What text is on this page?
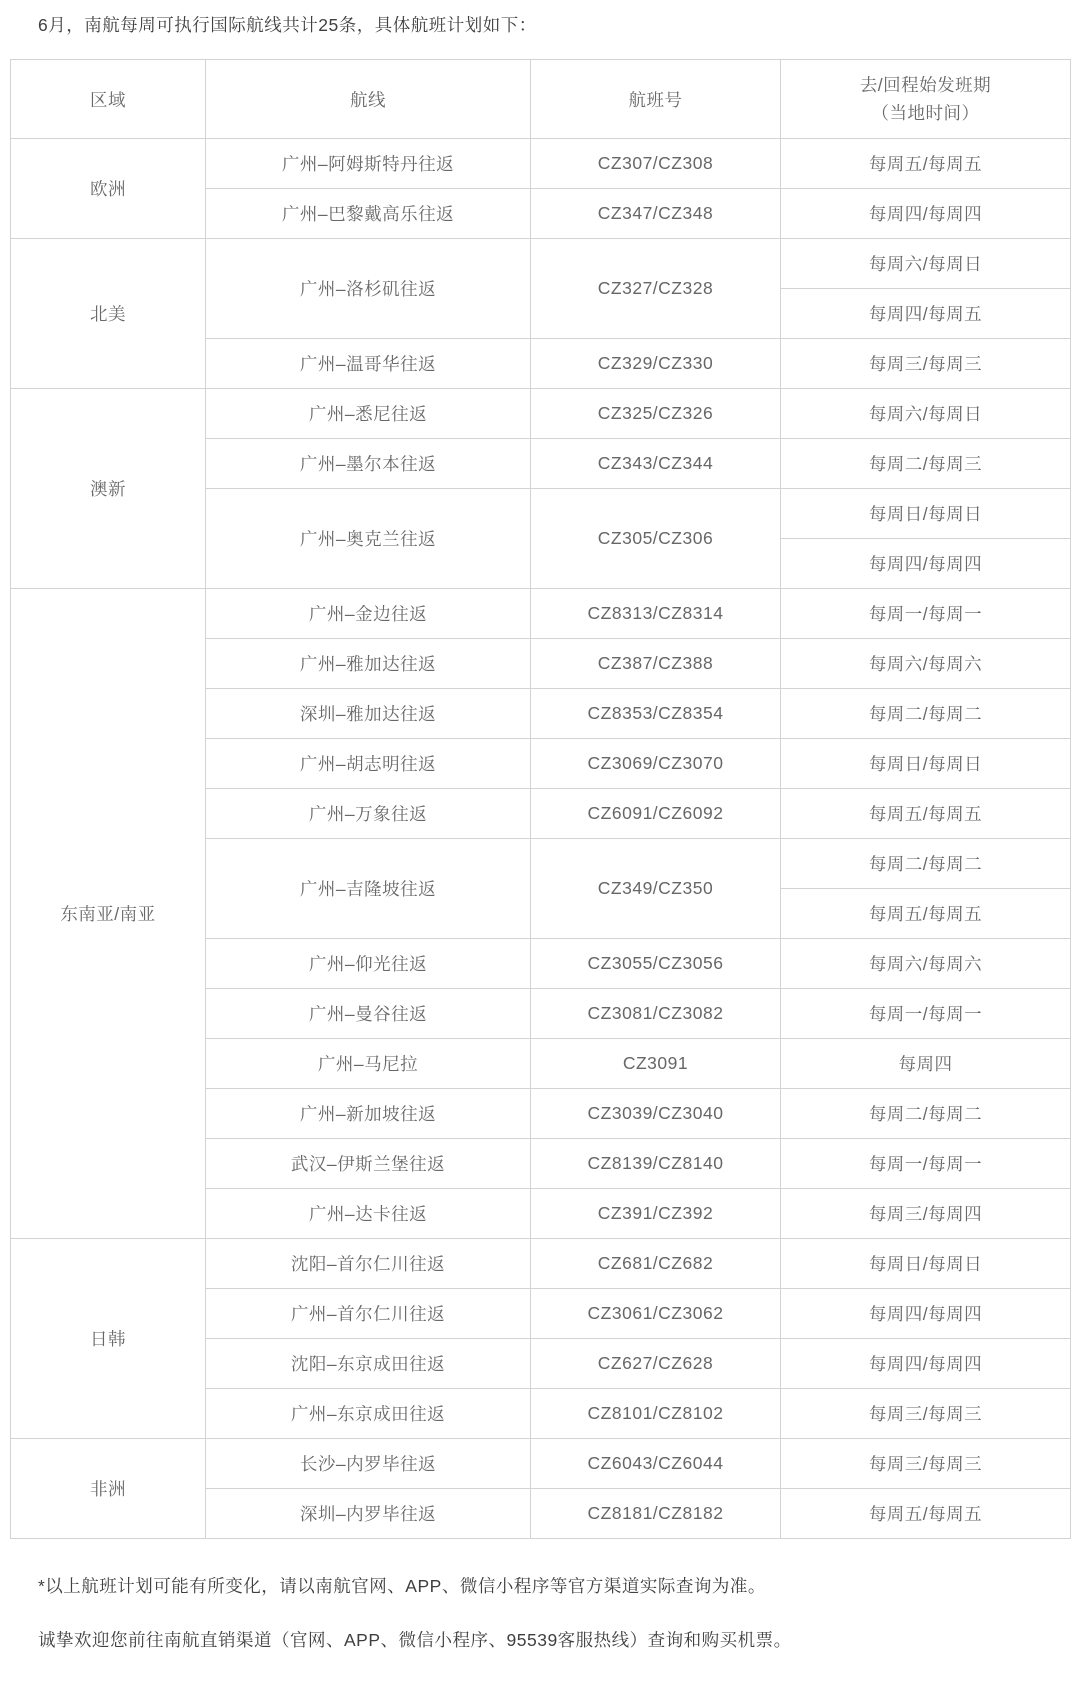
6月，南航每周可执行国际航线共计25条，具体航班计划如下：

区域	航线	航班号	去/回程始发班期
（当地时间）

欧洲	广州–阿姆斯特丹往返	CZ307/CZ308	每周五/每周五
	广州–巴黎戴高乐往返	CZ347/CZ348	每周四/每周四
北美	广州–洛杉矶往返	CZ327/CZ328	每周六/每周日
			每周四/每周五
	广州–温哥华往返	CZ329/CZ330	每周三/每周三
澳新	广州–悉尼往返	CZ325/CZ326	每周六/每周日
	广州–墨尔本往返	CZ343/CZ344	每周二/每周三
	广州–奥克兰往返	CZ305/CZ306	每周日/每周日
			每周四/每周四
东南亚/南亚	广州–金边往返	CZ8313/CZ8314	每周一/每周一
	广州–雅加达往返	CZ387/CZ388	每周六/每周六
	深圳–雅加达往返	CZ8353/CZ8354	每周二/每周二
	广州–胡志明往返	CZ3069/CZ3070	每周日/每周日
	广州–万象往返	CZ6091/CZ6092	每周五/每周五
	广州–吉隆坡往返	CZ349/CZ350	每周二/每周二
			每周五/每周五
	广州–仰光往返	CZ3055/CZ3056	每周六/每周六
	广州–曼谷往返	CZ3081/CZ3082	每周一/每周一
	广州–马尼拉	CZ3091	每周四
	广州–新加坡往返	CZ3039/CZ3040	每周二/每周二
	武汉–伊斯兰堡往返	CZ8139/CZ8140	每周一/每周一
	广州–达卡往返	CZ391/CZ392	每周三/每周四
日韩	沈阳–首尔仁川往返	CZ681/CZ682	每周日/每周日
	广州–首尔仁川往返	CZ3061/CZ3062	每周四/每周四
	沈阳–东京成田往返	CZ627/CZ628	每周四/每周四
	广州–东京成田往返	CZ8101/CZ8102	每周三/每周三
非洲	长沙–内罗毕往返	CZ6043/CZ6044	每周三/每周三
	深圳–内罗毕往返	CZ8181/CZ8182	每周五/每周五

*以上航班计划可能有所变化，请以南航官网、APP、微信小程序等官方渠道实际查询为准。

诚挚欢迎您前往南航直销渠道（官网、APP、微信小程序、95539客服热线）查询和购买机票。
